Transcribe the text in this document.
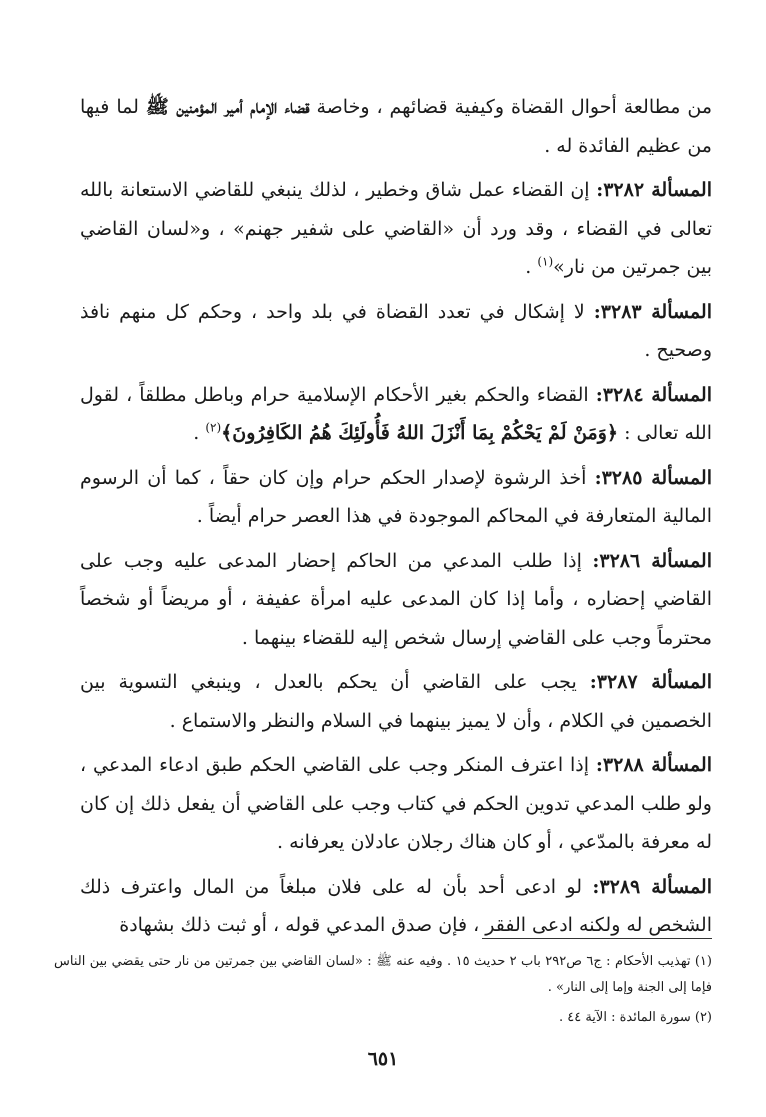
من مطالعة أحوال القضاة وكيفية قضائهم ، وخاصة قضاء الإمام أمير المؤمنين ﷺ لما فيها من عظيم الفائدة له .

المسألة ٣٢٨٢: إن القضاء عمل شاق وخطير ، لذلك ينبغي للقاضي الاستعانة بالله تعالى في القضاء ، وقد ورد أن «القاضي على شفير جهنم» ، و«لسان القاضي بين جمرتين من نار»$^{(١)}$ .

المسألة ٣٢٨٣: لا إشكال في تعدد القضاة في بلد واحد ، وحكم كل منهم نافذ وصحيح .

المسألة ٣٢٨٤: القضاء والحكم بغير الأحكام الإسلامية حرام وباطل مطلقاً ، لقول الله تعالى : ﴿وَمَنْ لَمْ يَحْكُمْ بِمَا أَنْزَلَ اللهُ فَأُولَئِكَ هُمُ الكَافِرُونَ﴾$^{(٢)}$ .

المسألة ٣٢٨٥: أخذ الرشوة لإصدار الحكم حرام وإن كان حقاً ، كما أن الرسوم المالية المتعارفة في المحاكم الموجودة في هذا العصر حرام أيضاً .

المسألة ٣٢٨٦: إذا طلب المدعي من الحاكم إحضار المدعى عليه وجب على القاضي إحضاره ، وأما إذا كان المدعى عليه امرأة عفيفة ، أو مريضاً أو شخصاً محترماً وجب على القاضي إرسال شخص إليه للقضاء بينهما .

المسألة ٣٢٨٧: يجب على القاضي أن يحكم بالعدل ، وينبغي التسوية بين الخصمين في الكلام ، وأن لا يميز بينهما في السلام والنظر والاستماع .

المسألة ٣٢٨٨: إذا اعترف المنكر وجب على القاضي الحكم طبق ادعاء المدعي ، ولو طلب المدعي تدوين الحكم في كتاب وجب على القاضي أن يفعل ذلك إن كان له معرفة بالمدّعي ، أو كان هناك رجلان عادلان يعرفانه .

المسألة ٣٢٨٩: لو ادعى أحد بأن له على فلان مبلغاً من المال واعترف ذلك الشخص له ولكنه ادعى الفقر ، فإن صدق المدعي قوله ، أو ثبت ذلك بشهادة

(١) تهذيب الأحكام : ج٦ ص٢٩٢ باب ٢ حديث ١٥ . وفيه عنه ﷺ : «لسان القاضي بين جمرتين من نار حتى يقضي بين الناس فإما إلى الجنة وإما إلى النار» .

(٢) سورة المائدة : الآية ٤٤ .

٦٥١
